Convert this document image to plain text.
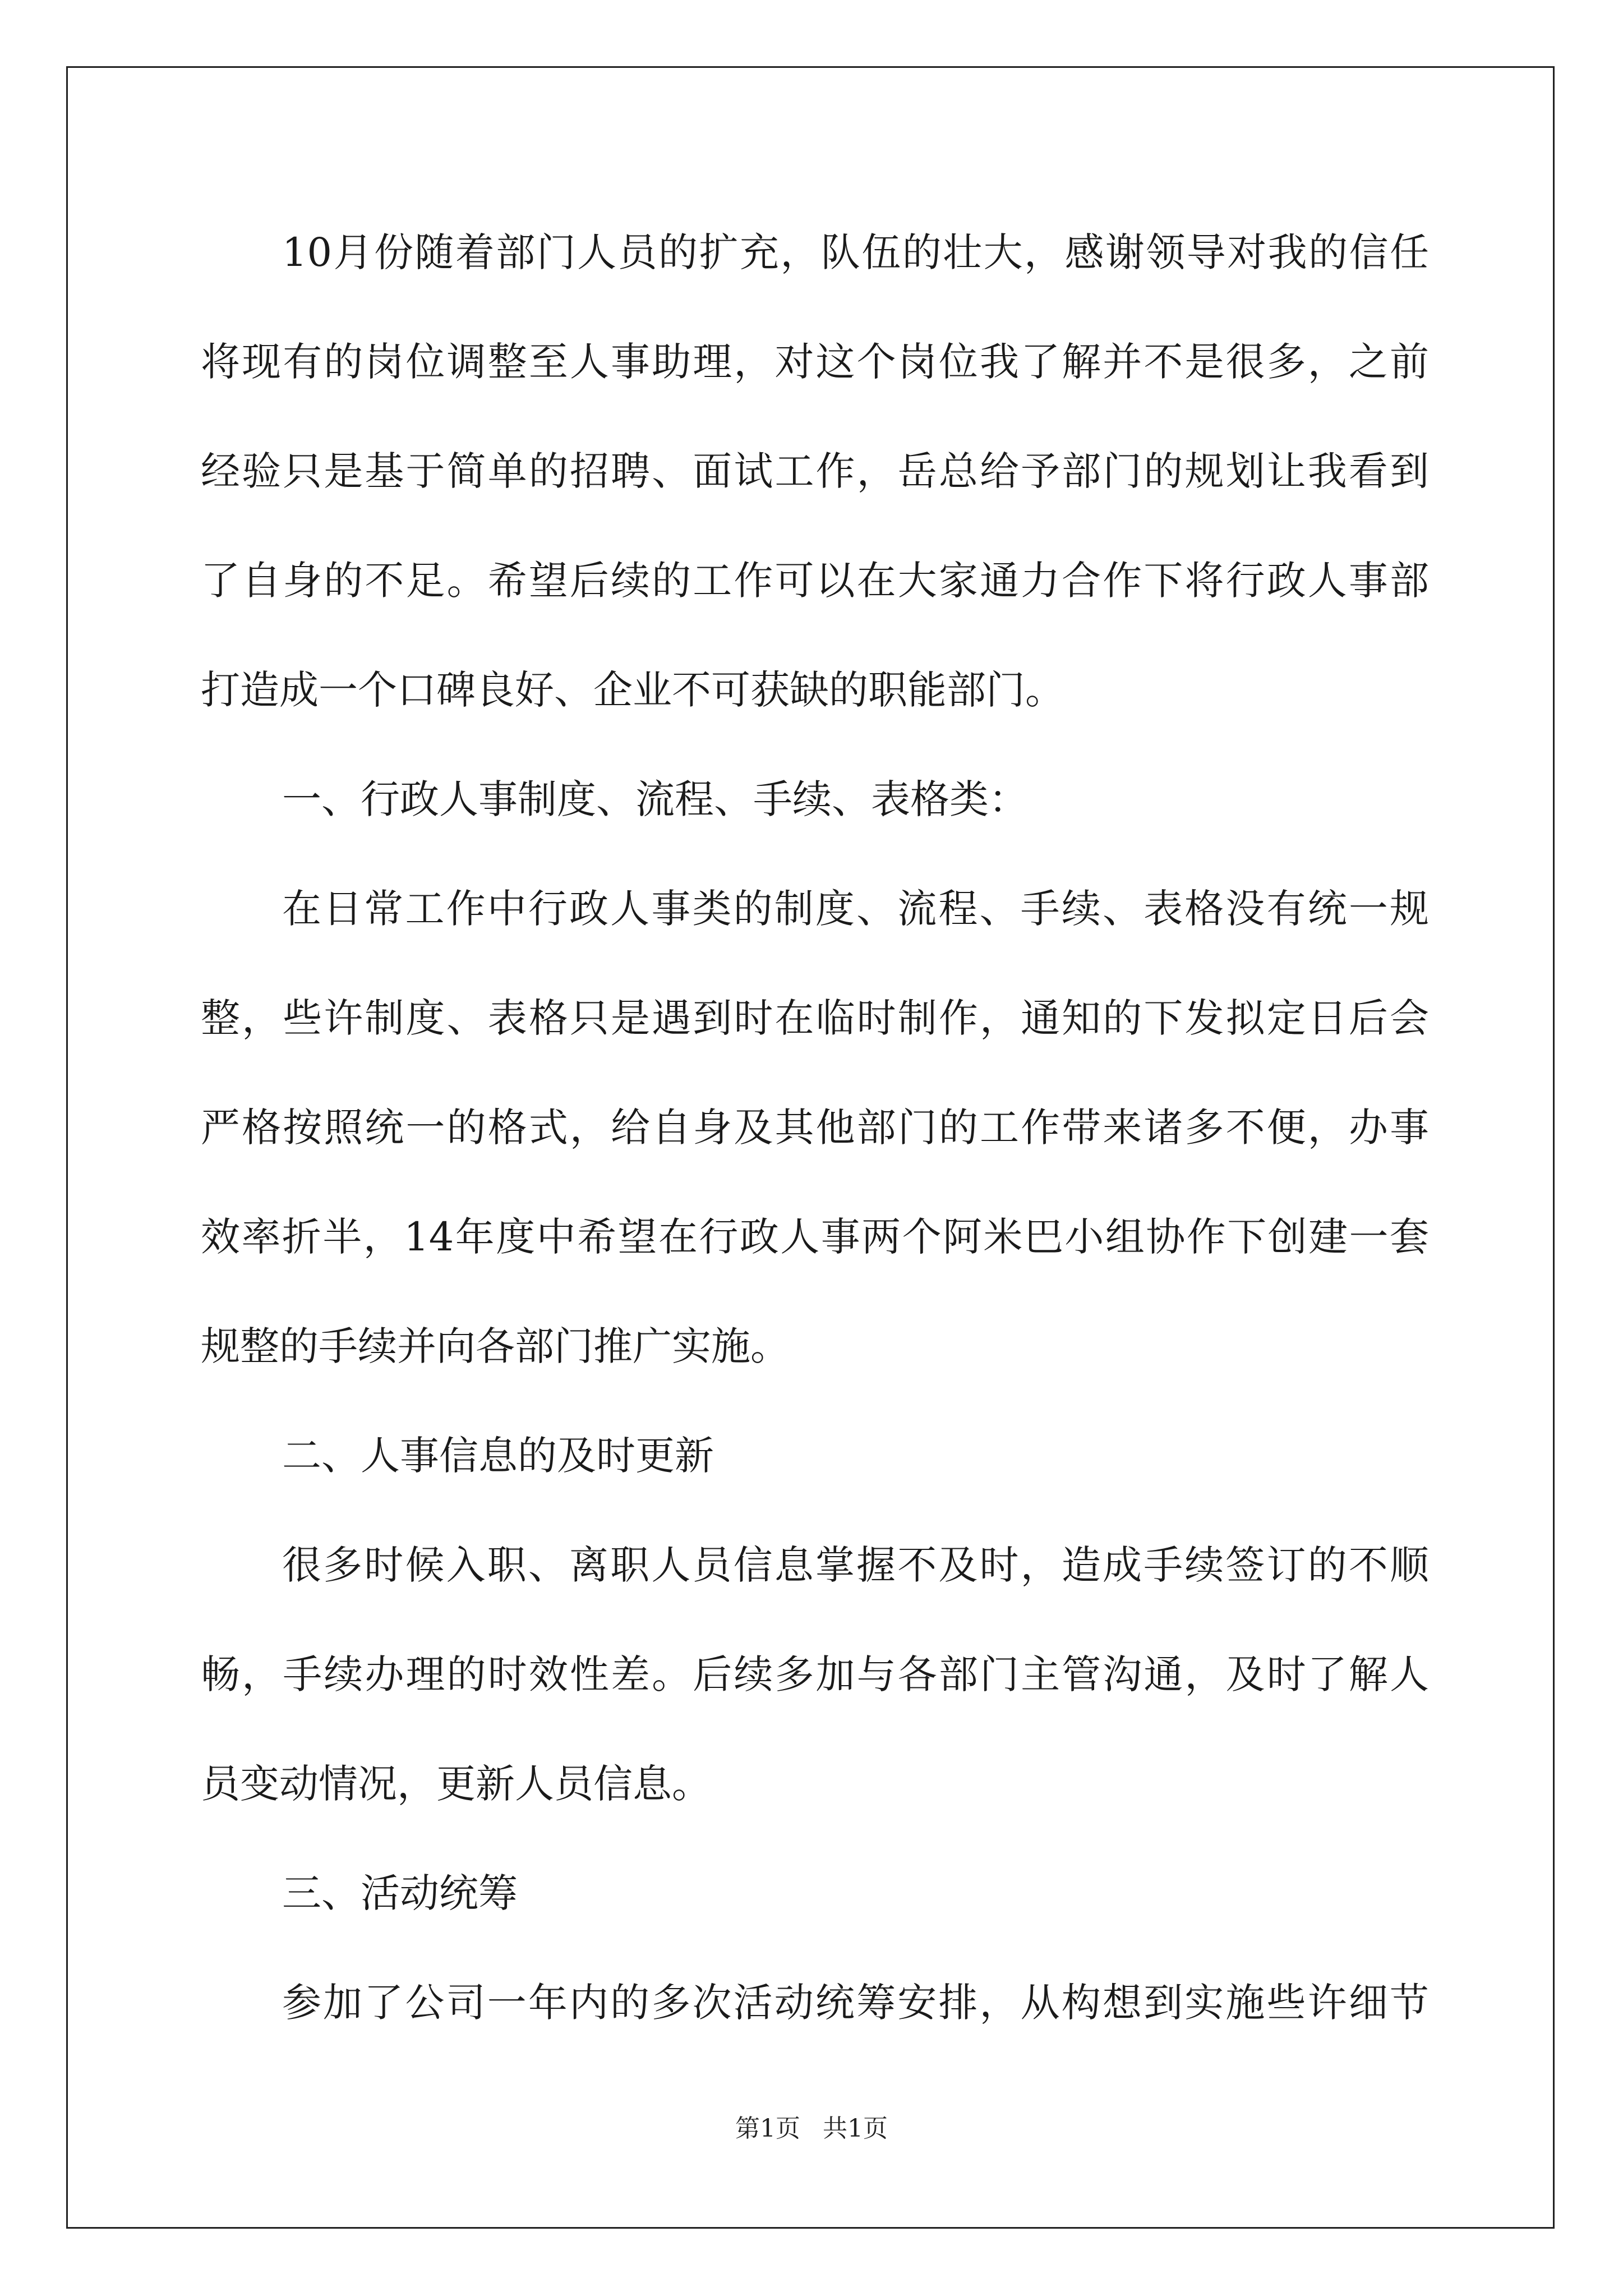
10月份随着部门人员的扩充，队伍的壮大，感谢领导对我的信任
将现有的岗位调整至人事助理，对这个岗位我了解并不是很多，之前
经验只是基于简单的招聘、面试工作，岳总给予部门的规划让我看到
了自身的不足。希望后续的工作可以在大家通力合作下将行政人事部
打造成一个口碑良好、企业不可获缺的职能部门。
一、行政人事制度、流程、手续、表格类：
在日常工作中行政人事类的制度、流程、手续、表格没有统一规
整，些许制度、表格只是遇到时在临时制作，通知的下发拟定日后会
严格按照统一的格式，给自身及其他部门的工作带来诸多不便，办事
效率折半，14年度中希望在行政人事两个阿米巴小组协作下创建一套
规整的手续并向各部门推广实施。
二、人事信息的及时更新
很多时候入职、离职人员信息掌握不及时，造成手续签订的不顺
畅，手续办理的时效性差。后续多加与各部门主管沟通，及时了解人
员变动情况，更新人员信息。
三、活动统筹
参加了公司一年内的多次活动统筹安排，从构想到实施些许细节
第1页 共1页
